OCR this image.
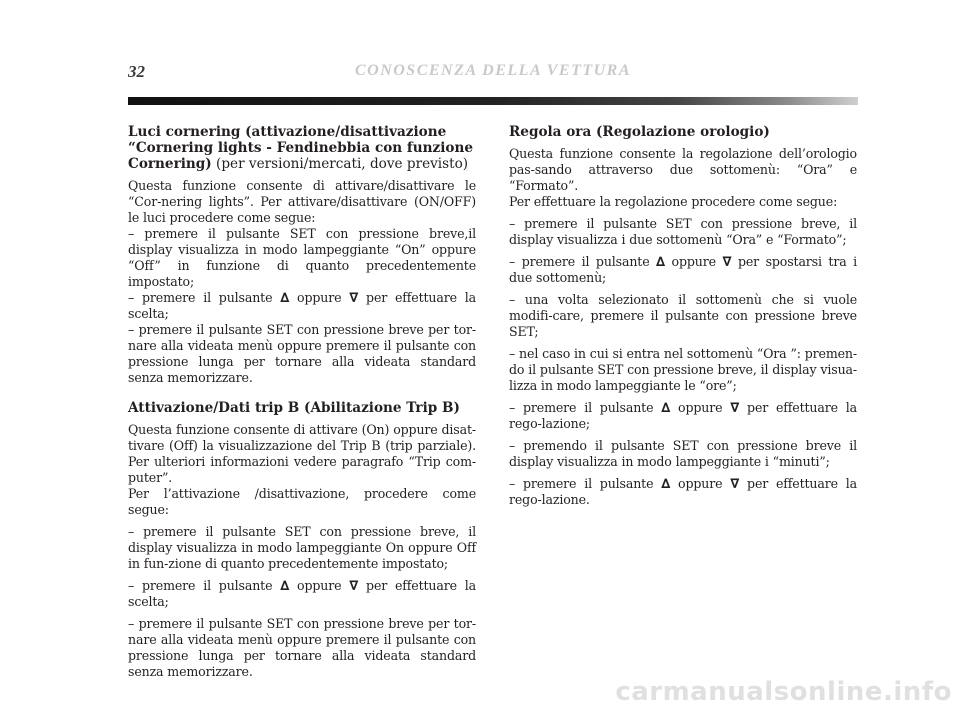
32	CONOSCENZA DELLA VETTURA
Luci cornering (attivazione/disattivazione “Cornering lights - Fendinebbia con funzione Cornering) (per versioni/mercati, dove previsto)

Questa funzione consente di attivare/disattivare le “Cor-nering lights”. Per attivare/disattivare (ON/OFF) le luci procedere come segue:

– premere il pulsante SET con pressione breve,il display visualizza in modo lampeggiante “On” oppure “Off” in funzione di quanto precedentemente impostato;

– premere il pulsante ∆ oppure ∇ per effettuare la scelta;

– premere il pulsante SET con pressione breve per tor-nare alla videata menù oppure premere il pulsante con pressione lunga per tornare alla videata standard senza memorizzare.

Attivazione/Dati trip B (Abilitazione Trip B)

Questa funzione consente di attivare (On) oppure disat-tivare (Off) la visualizzazione del Trip B (trip parziale). Per ulteriori informazioni vedere paragrafo “Trip com-puter”.

Per l’attivazione /disattivazione, procedere come segue:

– premere il pulsante SET con pressione breve, il display visualizza in modo lampeggiante On oppure Off in fun-zione di quanto precedentemente impostato;

– premere il pulsante ∆ oppure ∇ per effettuare la scelta;

– premere il pulsante SET con pressione breve per tor-nare alla videata menù oppure premere il pulsante con pressione lunga per tornare alla videata standard senza memorizzare.

Regola ora (Regolazione orologio)

Questa funzione consente la regolazione dell’orologio pas-sando attraverso due sottomenù: “Ora” e “Formato”.

Per effettuare la regolazione procedere come segue:

– premere il pulsante SET con pressione breve, il display visualizza i due sottomenù “Ora” e “Formato”;

– premere il pulsante ∆ oppure ∇ per spostarsi tra i due sottomenù;

– una volta selezionato il sottomenù che si vuole modifi-care, premere il pulsante con pressione breve SET;

– nel caso in cui si entra nel sottomenù “Ora ”: premen-do il pulsante SET con pressione breve, il display visua-lizza in modo lampeggiante le “ore”;

– premere il pulsante ∆ oppure ∇ per effettuare la rego-lazione;

– premendo il pulsante SET con pressione breve il display visualizza in modo lampeggiante i “minuti”;

– premere il pulsante ∆ oppure ∇ per effettuare la rego-lazione.

carmanualsonline.info
